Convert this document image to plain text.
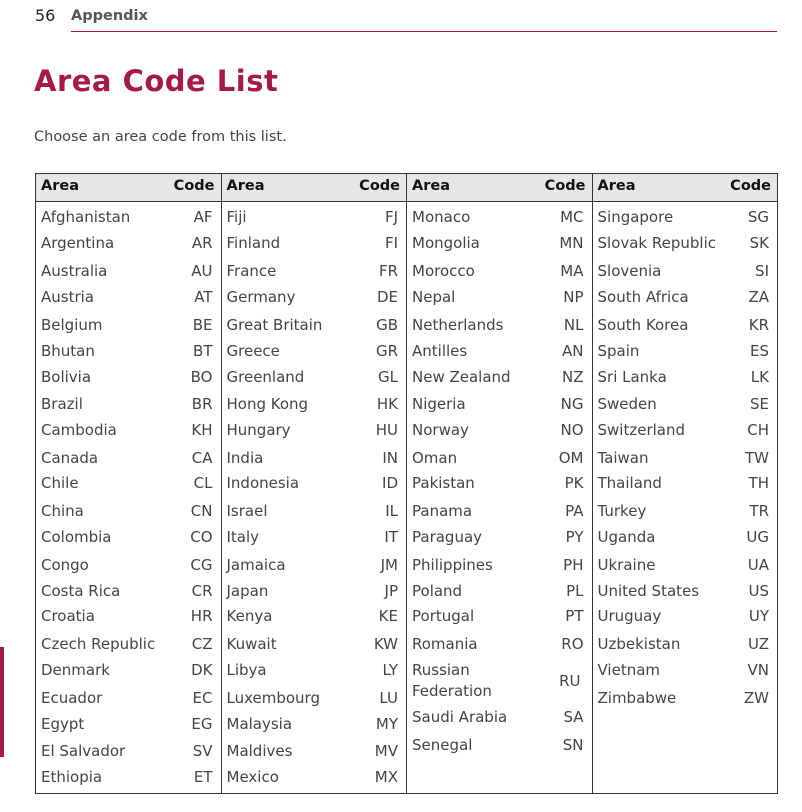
56 Appendix
Area Code List
Choose an area code from this list.
Area	Code
Afghanistan	AF
Argentina	AR
Australia	AU
Austria	AT
Belgium	BE
Bhutan	BT
Bolivia	BO
Brazil	BR
Cambodia	KH
Canada	CA
Chile	CL
China	CN
Colombia	CO
Congo	CG
Costa Rica	CR
Croatia	HR
Czech Republic CZ
Denmark	DK
Ecuador	EC
Egypt	EG
El Salvador	SV
Ethiopia	ET
Area	Code
Fiji	FJ
Finland	FI
France	FR
Germany	DE
Great Britain	GB
Greece	GR
Greenland	GL
Hong Kong	HK
Hungary	HU
India	IN
Indonesia	ID
Israel	IL
Italy	IT
Jamaica	JM
Japan	JP
Kenya	KE
Kuwait	KW
Libya	LY
Luxembourg	LU
Malaysia	MY
Maldives	MV
Mexico	MX
Area	Code
Monaco	MC
Mongolia	MN
Morocco	MA
Nepal	NP
Netherlands	NL
Antilles	AN
New Zealand	NZ
Nigeria	NG
Norway	NO
Oman	OM
Pakistan	PK
Panama	PA
Paraguay	PY
Philippines	PH
Poland	PL
Portugal	PT
Romania	RO
Russian
Federation
RU
Saudi Arabia	SA
Senegal	SN
Area	Code
Singapore	SG
Slovak Republic SK
Slovenia	SI
South Africa	ZA
South Korea	KR
Spain	ES
Sri Lanka	LK
Sweden	SE
Switzerland	CH
Taiwan	TW
Thailand	TH
Turkey	TR
Uganda	UG
Ukraine	UA
United States	US
Uruguay	UY
Uzbekistan	UZ
Vietnam	VN
Zimbabwe	ZW
